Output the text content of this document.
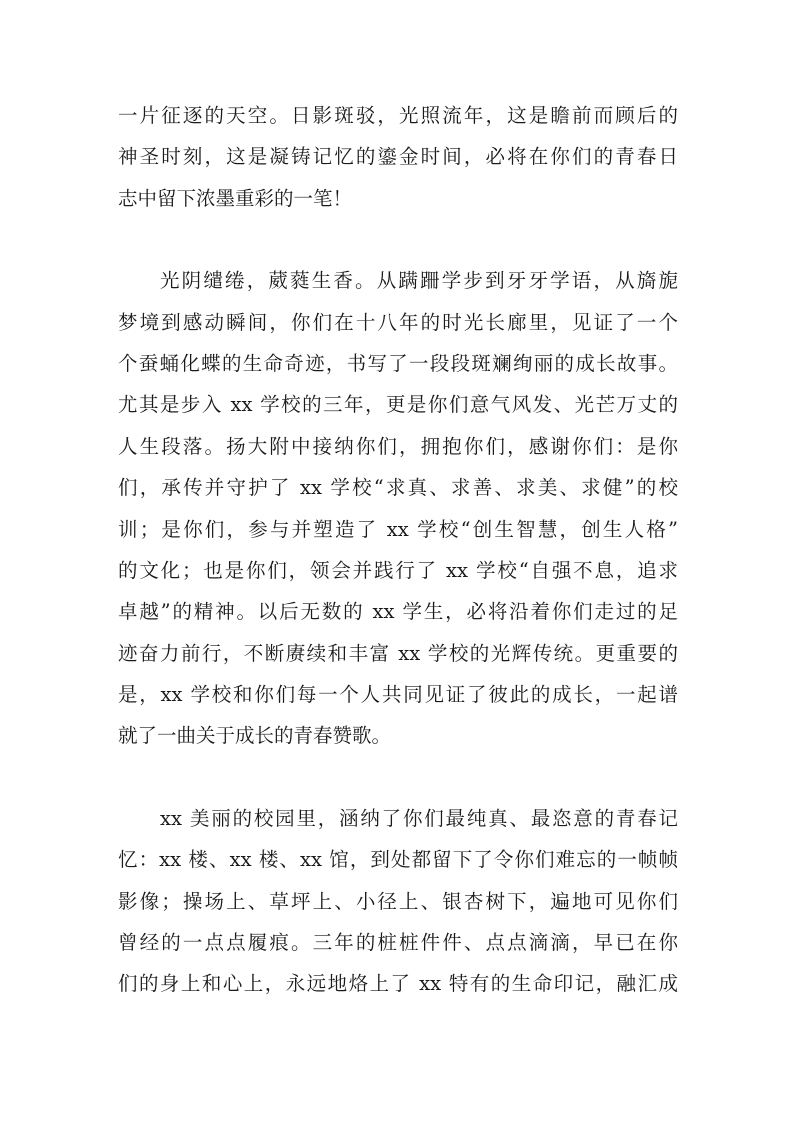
一片征逐的天空。日影斑驳，光照流年，这是瞻前而顾后的
神圣时刻，这是凝铸记忆的鎏金时间，必将在你们的青春日
志中留下浓墨重彩的一笔！
光阴缱绻，葳蕤生香。从蹒跚学步到牙牙学语，从旖旎
梦境到感动瞬间，你们在十八年的时光长廊里，见证了一个
个蚕蛹化蝶的生命奇迹，书写了一段段斑斓绚丽的成长故事。
尤其是步入 xx 学校的三年，更是你们意气风发、光芒万丈的
人生段落。扬大附中接纳你们，拥抱你们，感谢你们：是你
们，承传并守护了 xx 学校“求真、求善、求美、求健”的校
训；是你们，参与并塑造了 xx 学校“创生智慧，创生人格”
的文化；也是你们，领会并践行了 xx 学校“自强不息，追求
卓越”的精神。以后无数的 xx 学生，必将沿着你们走过的足
迹奋力前行，不断赓续和丰富 xx 学校的光辉传统。更重要的
是，xx 学校和你们每一个人共同见证了彼此的成长，一起谱
就了一曲关于成长的青春赞歌。
xx 美丽的校园里，涵纳了你们最纯真、最恣意的青春记
忆：xx 楼、xx 楼、xx 馆，到处都留下了令你们难忘的一帧帧
影像；操场上、草坪上、小径上、银杏树下，遍地可见你们
曾经的一点点履痕。三年的桩桩件件、点点滴滴，早已在你
们的身上和心上，永远地烙上了 xx 特有的生命印记，融汇成
